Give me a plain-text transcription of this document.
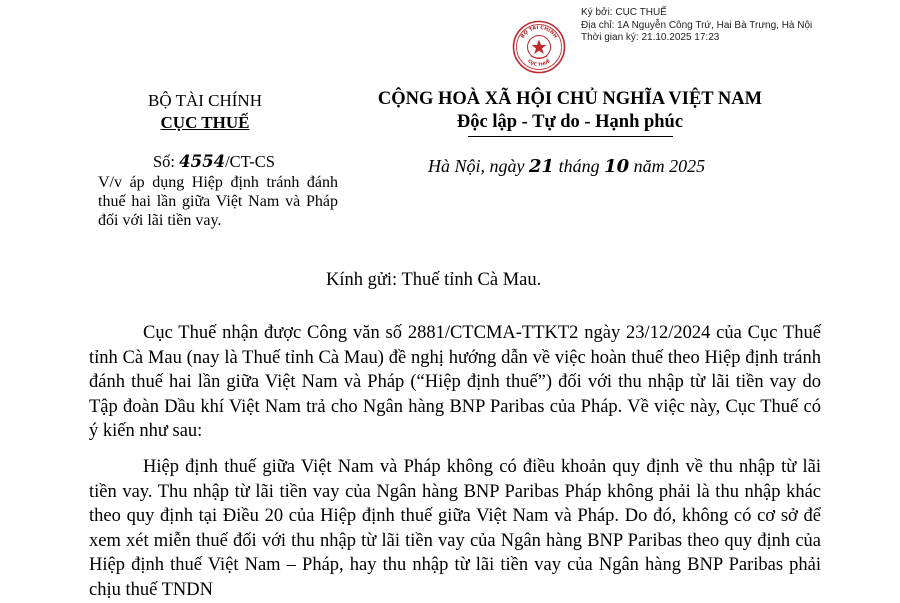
Ký bởi: CỤC THUẾ
Địa chỉ: 1A Nguyễn Công Trứ, Hai Bà Trưng, Hà Nội
Thời gian ký: 21.10.2025 17:23
BỘ TÀI CHÍNH
CỤC THUẾ
BỘ TÀI CHÍNH
CỤC THUẾ
CỘNG HOÀ XÃ HỘI CHỦ NGHĨA VIỆT NAM
Độc lập - Tự do - Hạnh phúc
Số: 4554/CT-CS
V/v áp dụng Hiệp định tránh đánh thuế hai lần giữa Việt Nam và Pháp đối với lãi tiền vay.
Hà Nội, ngày 21 tháng 10 năm 2025
Kính gửi: Thuế tỉnh Cà Mau.

Cục Thuế nhận được Công văn số 2881/CTCMA-TTKT2 ngày 23/12/2024 của Cục Thuế tỉnh Cà Mau (nay là Thuế tỉnh Cà Mau) đề nghị hướng dẫn về việc hoàn thuế theo Hiệp định tránh đánh thuế hai lần giữa Việt Nam và Pháp (“Hiệp định thuế”) đối với thu nhập từ lãi tiền vay do Tập đoàn Dầu khí Việt Nam trả cho Ngân hàng BNP Paribas của Pháp. Về việc này, Cục Thuế có ý kiến như sau:

Hiệp định thuế giữa Việt Nam và Pháp không có điều khoản quy định về thu nhập từ lãi tiền vay. Thu nhập từ lãi tiền vay của Ngân hàng BNP Paribas Pháp không phải là thu nhập khác theo quy định tại Điều 20 của Hiệp định thuế giữa Việt Nam và Pháp. Do đó, không có cơ sở để xem xét miễn thuế đối với thu nhập từ lãi tiền vay của Ngân hàng BNP Paribas theo quy định của Hiệp định thuế Việt Nam – Pháp, hay thu nhập từ lãi tiền vay của Ngân hàng BNP Paribas phải chịu thuế TNDN
